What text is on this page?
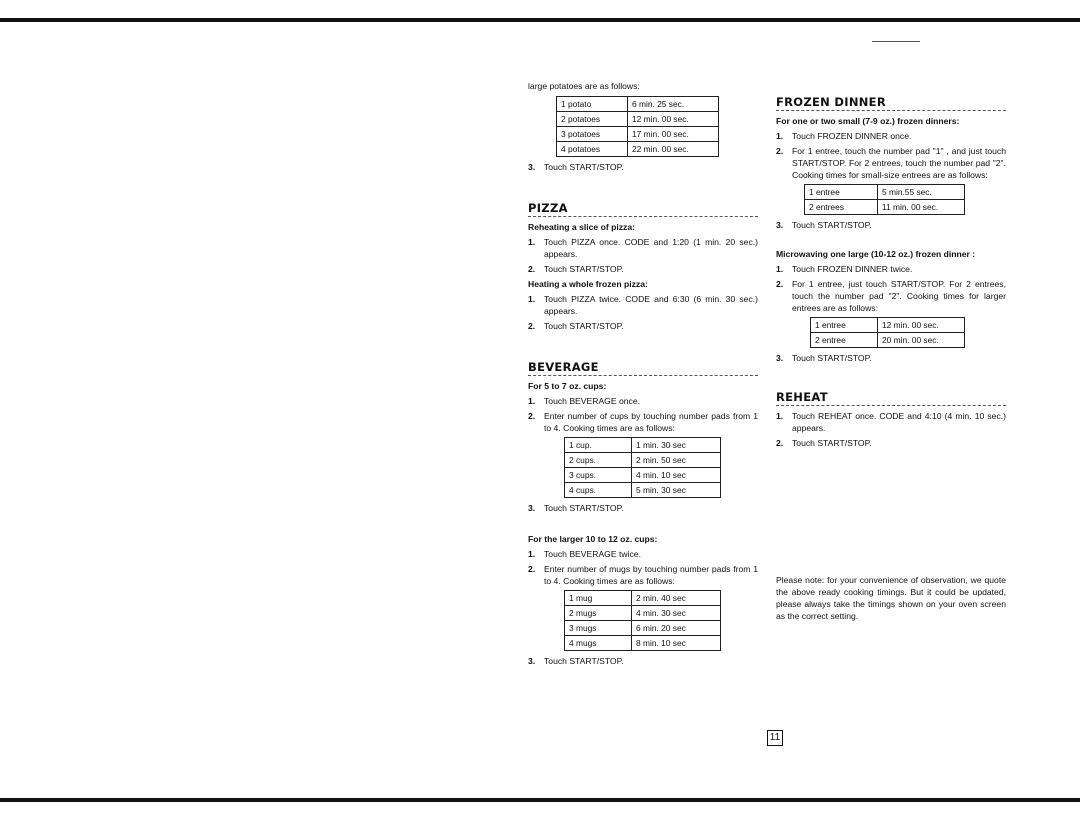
large potatoes are as follows:
1 potato	6 min. 25 sec.
2 potatoes	12 min. 00 sec.
3 potatoes	17 min. 00 sec.
4 potatoes	22 min. 00 sec.
3.	Touch START/STOP.
PIZZA
Reheating a slice of pizza:
1.	Touch PIZZA once. CODE and 1:20 (1 min. 20 sec.) appears.
2.	Touch START/STOP.
Heating a whole frozen pizza:
1.	Touch PIZZA twice. CODE and 6:30 (6 min. 30 sec.) appears.
2.	Touch START/STOP.
BEVERAGE
For 5 to 7 oz. cups:
1.	Touch BEVERAGE once.
2.	Enter number of cups by touching number pads from 1 to 4. Cooking times are as follows:
1 cup.	1 min. 30 sec
2 cups.	2 min. 50 sec
3 cups.	4 min. 10 sec
4 cups.	5 min. 30 sec
3.	Touch START/STOP.
For the larger 10 to 12 oz. cups:
1.	Touch BEVERAGE twice.
2.	Enter number of mugs by touching number pads from 1 to 4. Cooking times are as follows:
1 mug	2 min. 40 sec
2 mugs	4 min. 30 sec
3 mugs	6 min. 20 sec
4 mugs	8 min. 10 sec
3.	Touch START/STOP.
FROZEN DINNER
For one or two small (7-9 oz.) frozen dinners:
1.	Touch FROZEN DINNER once.
2.	For 1 entree, touch the number pad "1" , and just touch START/STOP. For 2 entrees, touch the number pad "2". Cooking times for small-size entrees are as follows:
1 entree	5 min.55 sec.
2 entrees	11 min. 00 sec.
3.	Touch START/STOP.
Microwaving one large (10-12 oz.) frozen dinner :
1.	Touch FROZEN DINNER twice.
2.	For 1 entree, just touch START/STOP. For 2 entrees, touch the number pad "2". Cooking times for larger entrees are as follows:
1 entree	12 min. 00 sec.
2 entree	20 min. 00 sec.
3.	Touch START/STOP.
REHEAT
1.	Touch REHEAT once. CODE and 4:10 (4 min. 10 sec.) appears.
2.	Touch START/STOP.
Please note: for your convenience of observation, we quote the above ready cooking timings. But it could be updated, please always take the timings shown on your oven screen as the correct setting.
11
